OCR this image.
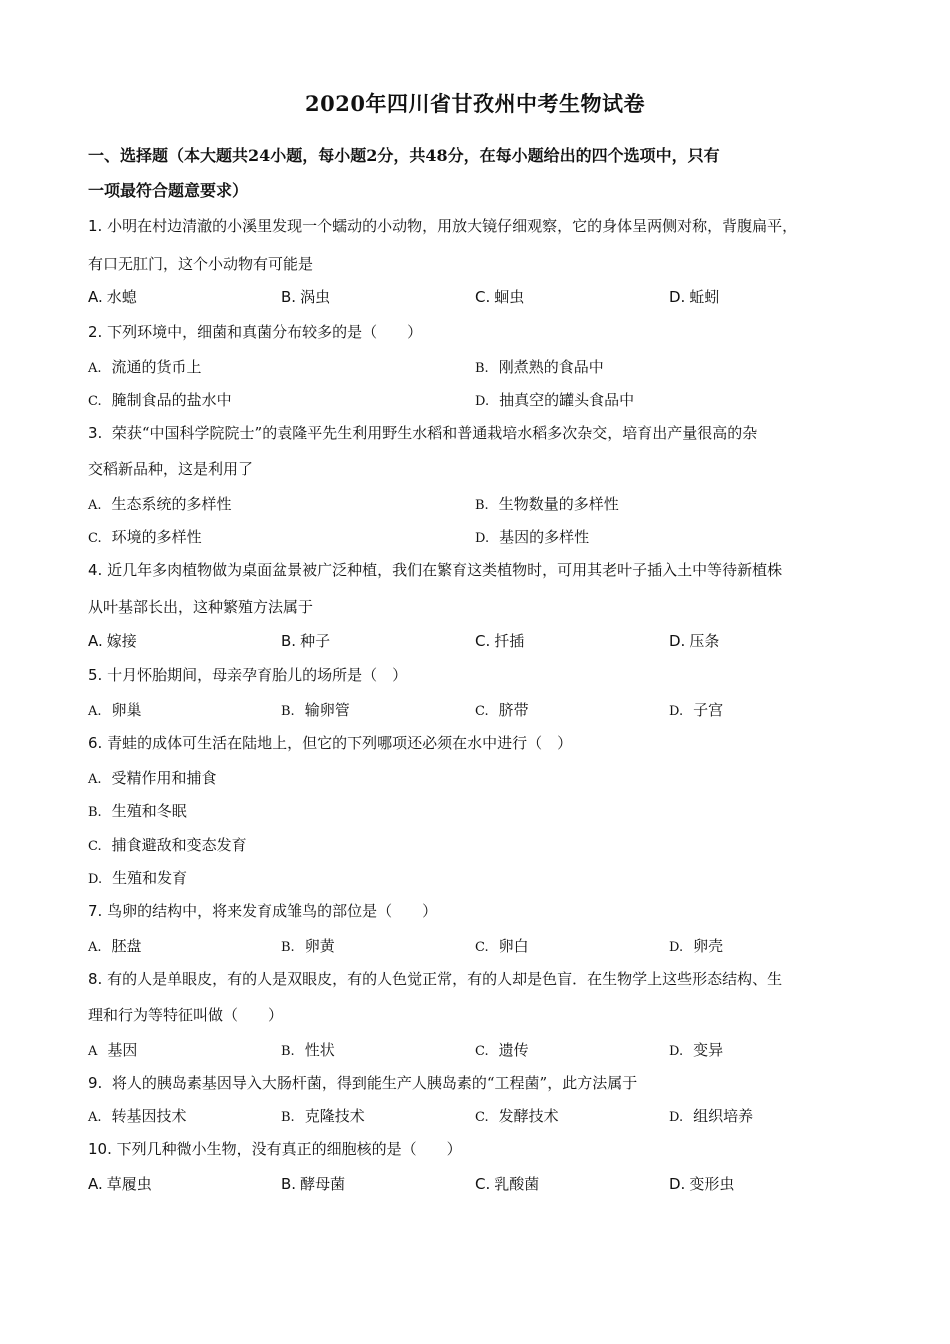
2020年四川省甘孜州中考生物试卷
一、选择题（本大题共24小题，每小题2分，共48分，在每小题给出的四个选项中，只有
一项最符合题意要求）
1. 小明在村边清澈的小溪里发现一个蠕动的小动物，用放大镜仔细观察，它的身体呈两侧对称，背腹扁平，
有口无肛门，这个小动物有可能是
A. 水螅	B. 涡虫	C. 蛔虫	D. 蚯蚓
2. 下列环境中，细菌和真菌分布较多的是（　　）
A. 流通的货币上	B. 刚煮熟的食品中
C. 腌制食品的盐水中	D. 抽真空的罐头食品中
3. 荣获“中国科学院院士”的袁隆平先生利用野生水稻和普通栽培水稻多次杂交，培育出产量很高的杂
交稻新品种，这是利用了
A. 生态系统的多样性	B. 生物数量的多样性
C. 环境的多样性	D. 基因的多样性
4. 近几年多肉植物做为桌面盆景被广泛种植，我们在繁育这类植物时，可用其老叶子插入土中等待新植株
从叶基部长出，这种繁殖方法属于
A. 嫁接	B. 种子	C. 扦插	D. 压条
5. 十月怀胎期间，母亲孕育胎儿的场所是（　）
A. 卵巢	B. 输卵管	C. 脐带	D. 子宫
6. 青蛙的成体可生活在陆地上，但它的下列哪项还必须在水中进行（　）
A. 受精作用和捕食
B. 生殖和冬眠
C. 捕食避敌和变态发育
D. 生殖和发育
7. 鸟卵的结构中，将来发育成雏鸟的部位是（　　）
A. 胚盘	B. 卵黄	C. 卵白	D. 卵壳
8. 有的人是单眼皮，有的人是双眼皮，有的人色觉正常，有的人却是色盲．在生物学上这些形态结构、生
理和行为等特征叫做（　　）
A 基因	B. 性状	C. 遗传	D. 变异
9. 将人的胰岛素基因导入大肠杆菌，得到能生产人胰岛素的“工程菌”，此方法属于
A. 转基因技术	B. 克隆技术	C. 发酵技术	D. 组织培养
10. 下列几种微小生物，没有真正的细胞核的是（　　）
A. 草履虫	B. 酵母菌	C. 乳酸菌	D. 变形虫
